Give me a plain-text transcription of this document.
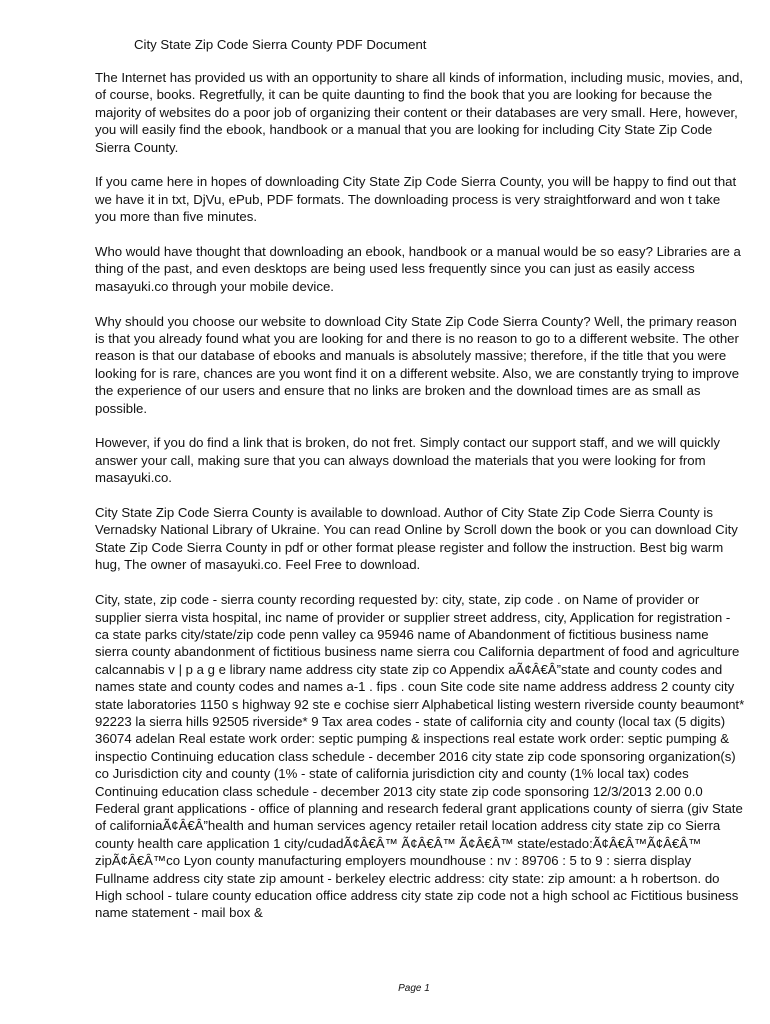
City State Zip Code Sierra County PDF Document

The Internet has provided us with an opportunity to share all kinds of information, including music, movies, and, of course, books. Regretfully, it can be quite daunting to find the book that you are looking for because the majority of websites do a poor job of organizing their content or their databases are very small. Here, however, you will easily find the ebook, handbook or a manual that you are looking for including City State Zip Code Sierra County.

If you came here in hopes of downloading City State Zip Code Sierra County, you will be happy to find out that we have it in txt, DjVu, ePub, PDF formats. The downloading process is very straightforward and won t take you more than five minutes.

Who would have thought that downloading an ebook, handbook or a manual would be so easy? Libraries are a thing of the past, and even desktops are being used less frequently since you can just as easily access masayuki.co through your mobile device.

Why should you choose our website to download City State Zip Code Sierra County? Well, the primary reason is that you already found what you are looking for and there is no reason to go to a different website. The other reason is that our database of ebooks and manuals is absolutely massive; therefore, if the title that you were looking for is rare, chances are you wont find it on a different website. Also, we are constantly trying to improve the experience of our users and ensure that no links are broken and the download times are as small as possible.

However, if you do find a link that is broken, do not fret. Simply contact our support staff, and we will quickly answer your call, making sure that you can always download the materials that you were looking for from masayuki.co.

City State Zip Code Sierra County is available to download. Author of City State Zip Code Sierra County is Vernadsky National Library of Ukraine. You can read Online by Scroll down the book or you can download City State Zip Code Sierra County in pdf or other format please register and follow the instruction. Best big warm hug, The owner of masayuki.co. Feel Free to download.

City, state, zip code - sierra county recording requested by: city, state, zip code . on Name of provider or supplier sierra vista hospital, inc name of provider or supplier street address, city, Application for registration - ca state parks city/state/zip code penn valley ca 95946 name of Abandonment of fictitious business name sierra county abandonment of fictitious business name sierra cou California department of food and agriculture calcannabis v | p a g e library name address city state zip co Appendix aÃ¢Â€Â”state and county codes and names state and county codes and names a-1 . fips . coun Site code site name address address 2 county city state laboratories 1150 s highway 92 ste e cochise sierr Alphabetical listing western riverside county beaumont* 92223 la sierra hills 92505 riverside* 9 Tax area codes - state of california city and county (local tax (5 digits) 36074 adelan Real estate work order: septic pumping & inspections real estate work order: septic pumping & inspectio Continuing education class schedule - december 2016 city state zip code sponsoring organization(s) co Jurisdiction city and county (1% - state of california jurisdiction city and county (1% local tax) codes Continuing education class schedule - december 2013 city state zip code sponsoring 12/3/2013 2.00 0.0 Federal grant applications - office of planning and research federal grant applications county of sierra (giv State of californiaÃ¢Â€Â”health and human services agency retailer retail location address city state zip co Sierra county health care application 1 city/cudadÃ¢Â€Â™ Ã¢Â€Â™ Ã¢Â€Â™ state/estado:Ã¢Â€Â™Ã¢Â€Â™ zipÃ¢Â€Â™co Lyon county manufacturing employers moundhouse : nv : 89706 : 5 to 9 : sierra display Fullname address city state zip amount - berkeley electric address: city state: zip amount: a h robertson. do High school - tulare county education office address city state zip code not a high school ac Fictitious business name statement - mail box &

Page 1
